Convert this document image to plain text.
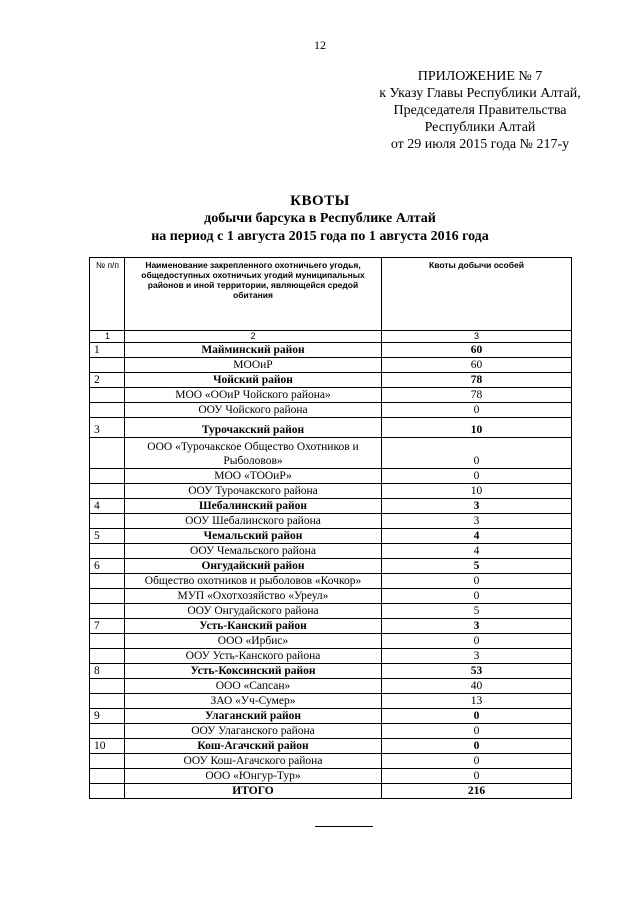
12
ПРИЛОЖЕНИЕ № 7
к Указу Главы Республики Алтай,
Председателя Правительства
Республики Алтай
от 29 июля 2015 года № 217-у
КВОТЫ
добычи барсука в Республике Алтай
на период с 1 августа 2015 года по 1 августа 2016 года
№ п/п	Наименование закрепленного охотничьего угодья, общедоступных охотничьих угодий муниципальных районов и иной территории, являющейся средой обитания	Квоты добычи особей
1	2	3
1	Майминский район	60
	МООиР	60
2	Чойский район	78
	МОО «ООиР Чойского района»	78
	ООУ Чойского района	0
3	Турочакский район	10
	ООО «Турочакское Общество Охотников и Рыболовов»	0
	МОО «ТООиР»	0
	ООУ Турочакского района	10
4	Шебалинский район	3
	ООУ Шебалинского района	3
5	Чемальский район	4
	ООУ Чемальского района	4
6	Онгудайский район	5
	Общество охотников и рыболовов «Кочкор»	0
	МУП «Охотхозяйство «Уреул»	0
	ООУ Онгудайского района	5
7	Усть-Канский район	3
	ООО «Ирбис»	0
	ООУ Усть-Канского района	3
8	Усть-Коксинский район	53
	ООО «Сапсан»	40
	ЗАО «Уч-Сумер»	13
9	Улаганский район	0
	ООУ Улаганского района	0
10	Кош-Агачский район	0
	ООУ Кош-Агачского района	0
	ООО «Юнгур-Тур»	0
	ИТОГО	216
